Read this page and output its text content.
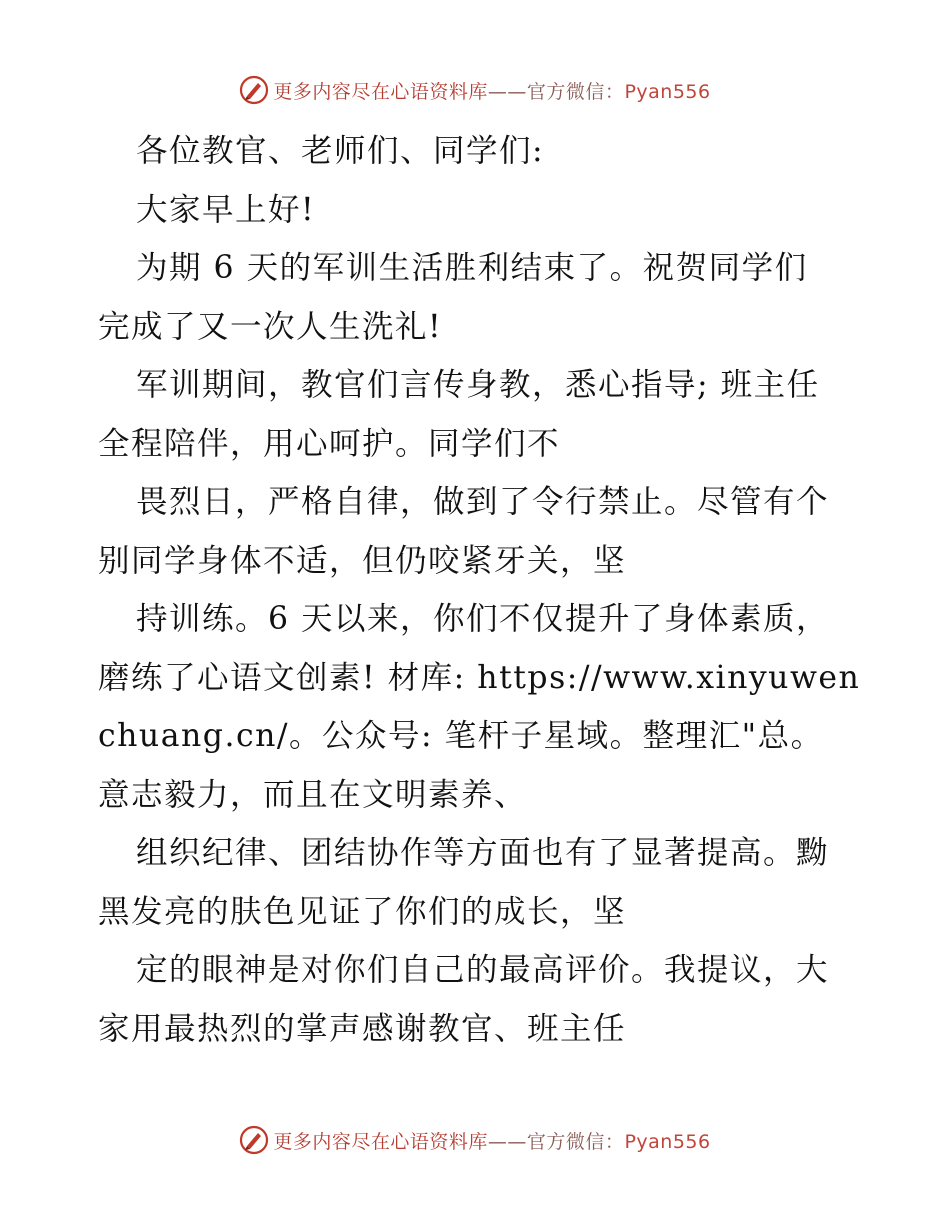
更多内容尽在心语资料库——官方微信：Pyan556
各位教官、老师们、同学们:
大家早上好!
为期 6 天的军训生活胜利结束了。祝贺同学们
完成了又一次人生洗礼!
军训期间，教官们言传身教，悉心指导; 班主任
全程陪伴，用心呵护。同学们不
畏烈日，严格自律，做到了令行禁止。尽管有个
别同学身体不适，但仍咬紧牙关，坚
持训练。6 天以来，你们不仅提升了身体素质，
磨练了心语文创素! 材库: https://www.xinyuwen
chuang.cn/。公众号: 笔杆子星域。整理汇"总。
意志毅力，而且在文明素养、
组织纪律、团结协作等方面也有了显著提高。黝
黑发亮的肤色见证了你们的成长，坚
定的眼神是对你们自己的最高评价。我提议，大
家用最热烈的掌声感谢教官、班主任
更多内容尽在心语资料库——官方微信：Pyan556
